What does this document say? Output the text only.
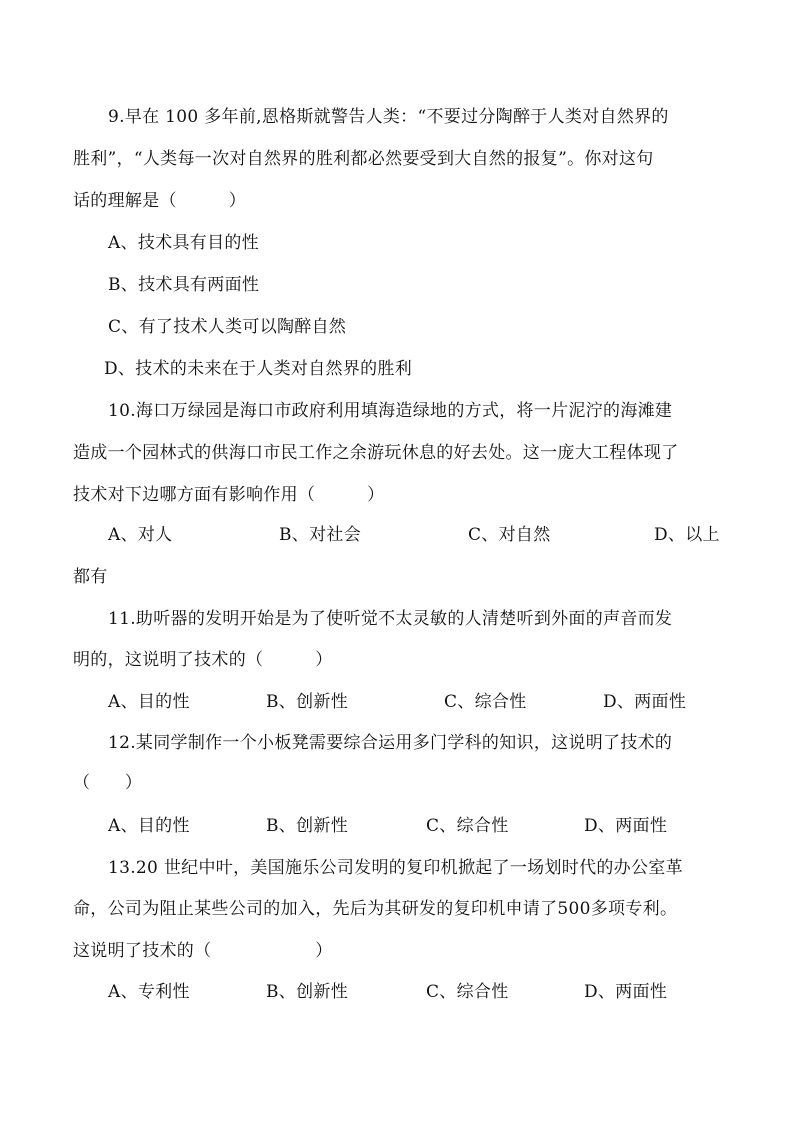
9.早在 100 多年前,恩格斯就警告人类：“不要过分陶醉于人类对自然界的
胜利”，“人类每一次对自然界的胜利都必然要受到大自然的报复”。你对这句
话的理解是（　　　）
A、技术具有目的性
B、技术具有两面性
C、有了技术人类可以陶醉自然
D、技术的未来在于人类对自然界的胜利
10.海口万绿园是海口市政府利用填海造绿地的方式，将一片泥泞的海滩建
造成一个园林式的供海口市民工作之余游玩休息的好去处。这一庞大工程体现了
技术对下边哪方面有影响作用（　　　）
A、对人	B、对社会	C、对自然	D、以上
都有
11.助听器的发明开始是为了使听觉不太灵敏的人清楚听到外面的声音而发
明的，这说明了技术的（　　　）
A、目的性	B、创新性	C、综合性	D、两面性
12.某同学制作一个小板凳需要综合运用多门学科的知识，这说明了技术的
（　　）
A、目的性	B、创新性	C、综合性	D、两面性
13.20 世纪中叶，美国施乐公司发明的复印机掀起了一场划时代的办公室革
命，公司为阻止某些公司的加入，先后为其研发的复印机申请了500多项专利。
这说明了技术的（　　　　　　）
A、专利性	B、创新性	C、综合性	D、两面性
